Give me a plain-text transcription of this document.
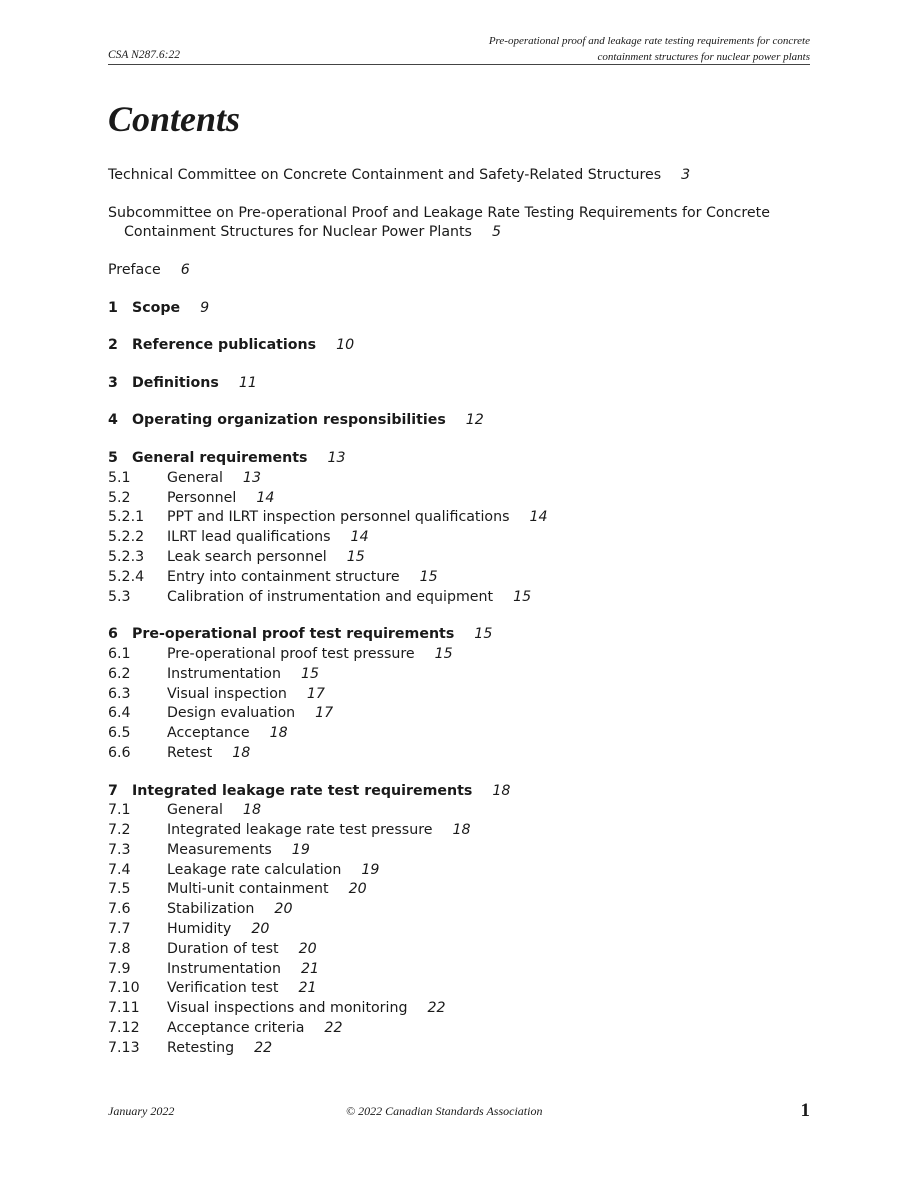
CSA N287.6:22
Pre-operational proof and leakage rate testing requirements for concrete
containment structures for nuclear power plants
Contents
Technical Committee on Concrete Containment and Safety-Related Structures 3
Subcommittee on Pre-operational Proof and Leakage Rate Testing Requirements for Concrete
Containment Structures for Nuclear Power Plants 5
Preface 6
1 Scope 9
2 Reference publications 10
3 Definitions 11
4 Operating organization responsibilities 12
5 General requirements 13
5.1	General 13
5.2	Personnel 14
5.2.1 PPT and ILRT inspection personnel qualifications 14
5.2.2 ILRT lead qualifications 14
5.2.3 Leak search personnel 15
5.2.4 Entry into containment structure 15
5.3	Calibration of instrumentation and equipment 15
6 Pre-operational proof test requirements 15
6.1	Pre-operational proof test pressure 15
6.2	Instrumentation 15
6.3	Visual inspection 17
6.4	Design evaluation 17
6.5	Acceptance 18
6.6	Retest 18
7 Integrated leakage rate test requirements 18
7.1	General 18
7.2	Integrated leakage rate test pressure 18
7.3	Measurements 19
7.4	Leakage rate calculation 19
7.5	Multi-unit containment 20
7.6	Stabilization 20
7.7	Humidity 20
7.8	Duration of test 20
7.9	Instrumentation 21
7.10 Verification test 21
7.11 Visual inspections and monitoring 22
7.12 Acceptance criteria 22
7.13 Retesting 22
January 2022	© 2022 Canadian Standards Association	1
